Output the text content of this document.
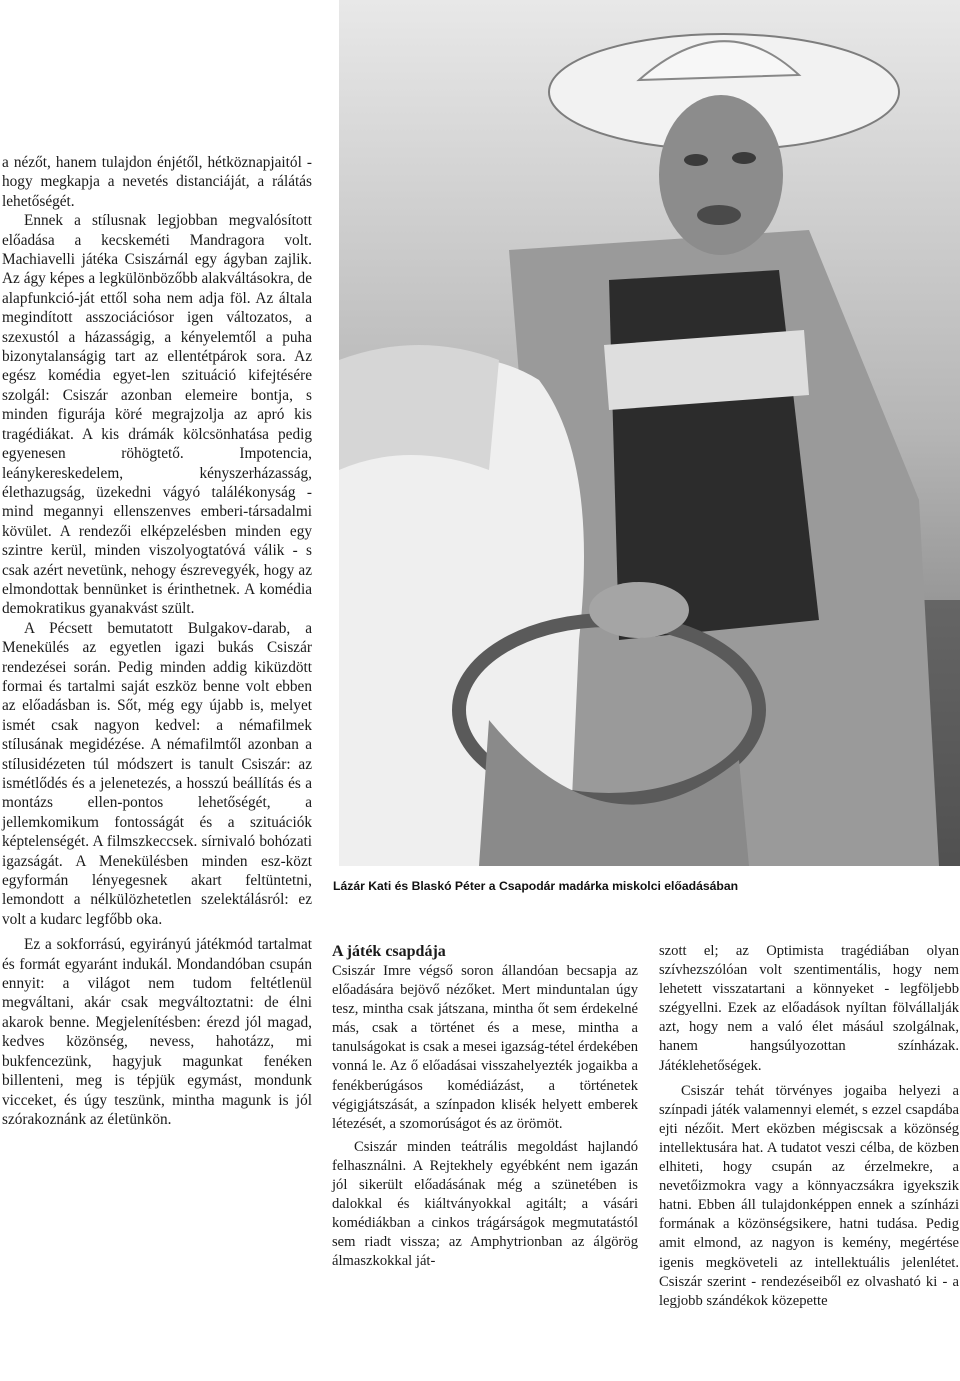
a nézőt, hanem tulajdon énjétől, hétköznapjaitól - hogy megkapja a nevetés distanciáját, a rálátás lehetőségét.

Ennek a stílusnak legjobban megvalósított előadása a kecskeméti Mandragora volt. Machiavelli játéka Csiszárnál egy ágyban zajlik. Az ágy képes a legkülönbözőbb alakváltásokra, de alapfunkció-ját ettől soha nem adja föl. Az általa megindított asszociációsor igen változatos, a szexustól a házasságig, a kényelemtől a puha bizonytalanságig tart az ellentétpárok sora. Az egész komédia egyet-len szituáció kifejtésére szolgál: Csiszár azonban elemeire bontja, s minden figurája köré megrajzolja az apró kis tragédiákat. A kis drámák kölcsönhatása pedig egyenesen röhögtető. Impotencia, leánykereskedelem, kényszerházasság, élethazugság, üzekedni vágyó találékonyság - mind megannyi ellenszenves emberi-társadalmi kövület. A rendezői elképzelésben minden egy szintre kerül, minden viszolyogtatóvá válik - s csak azért nevetünk, nehogy észrevegyék, hogy az elmondottak bennünket is érinthetnek. A komédia demokratikus gyanakvást szült.

A Pécsett bemutatott Bulgakov-darab, a Menekülés az egyetlen igazi bukás Csiszár rendezései során. Pedig minden addig kiküzdött formai és tartalmi saját eszköz benne volt ebben az előadásban is. Sőt, még egy újabb is, melyet ismét csak nagyon kedvel: a némafilmek stílusának megidézése. A némafilmtől azonban a stílusidézeten túl módszert is tanult Csiszár: az ismétlődés és a jelenetezés, a hosszú beállítás és a montázs ellen-pontos lehetőségét, a jellemkomikum fontosságát és a szituációk képtelenségét. A filmszkeccsek. sírnivaló bohózati igazságát. A Menekülésben minden esz-közt egyformán lényegesnek akart feltüntetni, lemondott a nélkülözhetetlen szelektálásról: ez volt a kudarc legfőbb oka.

Ez a sokforrású, egyirányú játékmód tartalmat és formát egyaránt indukál. Mondandóban csupán ennyit: a világot nem tudom feltétlenül megváltani, akár csak megváltoztatni: de élni akarok benne. Megjelenítésben: érezd jól magad, kedves közönség, nevess, hahotázz, mi bukfencezünk, hagyjuk magunkat fenéken billenteni, meg is tépjük egymást, mondunk vicceket, és úgy teszünk, mintha magunk is jól szórakoznánk az életünkön.

Lázár Kati és Blaskó Péter a Csapodár madárka miskolci előadásában
A játék csapdája

Csiszár Imre végső soron állandóan becsapja az előadására bejövő nézőket. Mert minduntalan úgy tesz, mintha csak játszana, mintha őt sem érdekelné más, csak a történet és a mese, mintha a tanulságokat is csak a mesei igazság-tétel érdekében vonná le. Az ő előadásai visszahelyezték jogaikba a fenékberúgásos komédiázást, a történetek végigjátszását, a színpadon klisék helyett emberek létezését, a szomorúságot és az örömöt.

Csiszár minden teátrális megoldást hajlandó felhasználni. A Rejtekhely egyébként nem igazán jól sikerült előadásának még a szünetében is dalokkal és kiáltványokkal agitált; a vásári komédiákban a cinkos trágárságok megmutatástól sem riadt vissza; az Amphytrionban az álgörög álmaszkokkal ját-

szott el; az Optimista tragédiában olyan szívhezszólóan volt szentimentális, hogy nem lehetett visszatartani a könnyeket - legföljebb szégyellni. Ezek az előadások nyíltan fölvállalják azt, hogy nem a való élet másául szolgálnak, hanem hangsúlyozottan színházak. Játéklehetőségek.

Csiszár tehát törvényes jogaiba helyezi a színpadi játék valamennyi elemét, s ezzel csapdába ejti nézőit. Mert eközben mégiscsak a közönség intellektusára hat. A tudatot veszi célba, de közben elhiteti, hogy csupán az érzelmekre, a nevetőizmokra vagy a könnyaczsákra igyekszik hatni. Ebben áll tulajdonképpen ennek a színházi formának a közönségsikere, hatni tudása. Pedig amit elmond, az nagyon is kemény, megértése igenis megköveteli az intellektuális jelenlétet. Csiszár szerint - rendezéseiből ez olvasható ki - a legjobb szándékok közepette
